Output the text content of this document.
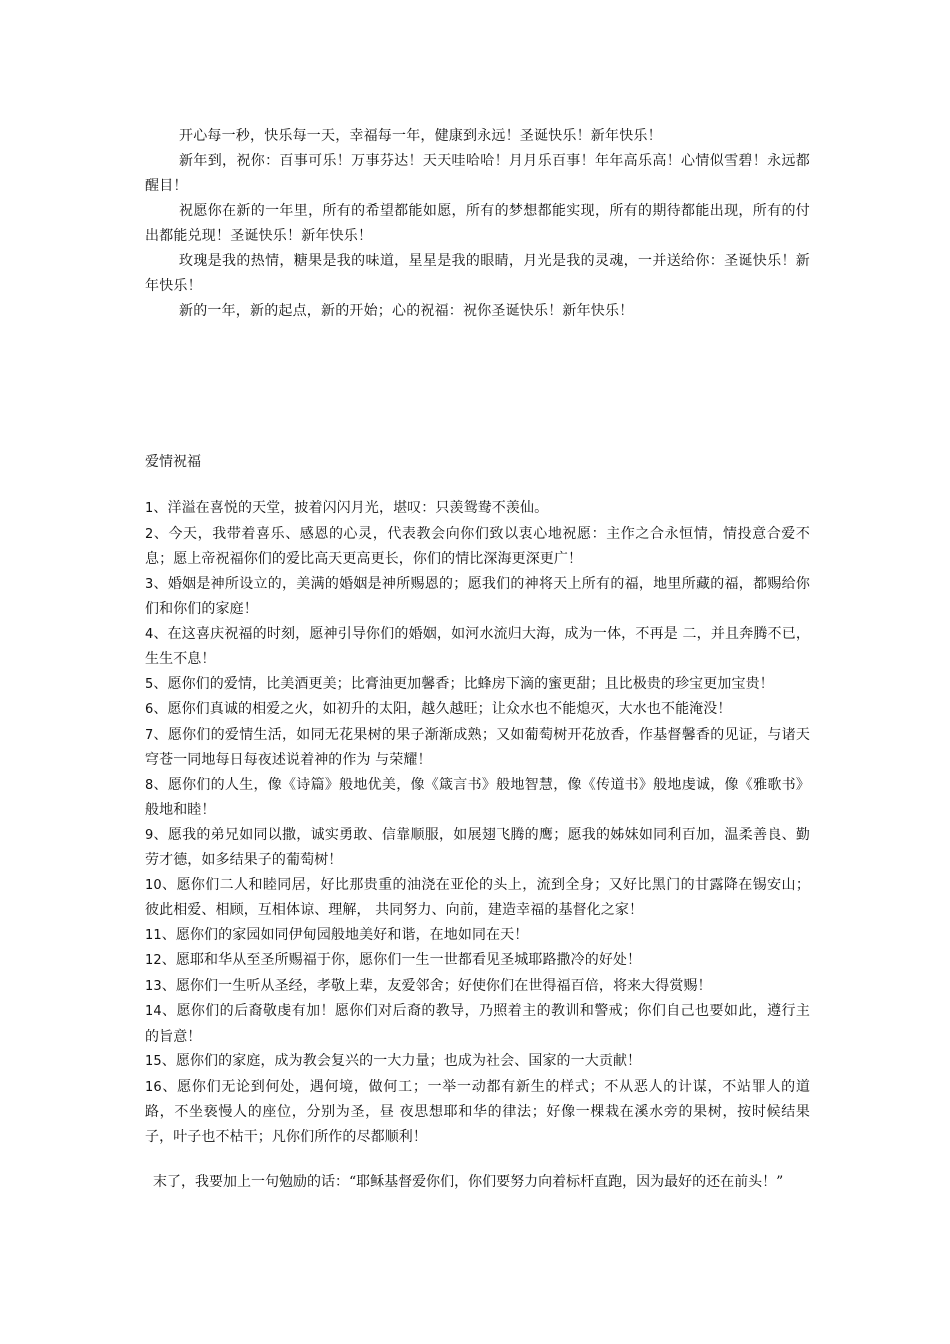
开心每一秒，快乐每一天，幸福每一年，健康到永远！圣诞快乐！新年快乐！

新年到，祝你：百事可乐！万事芬达！天天哇哈哈！月月乐百事！年年高乐高！心情似雪碧！永远都醒目！

祝愿你在新的一年里，所有的希望都能如愿，所有的梦想都能实现，所有的期待都能出现，所有的付出都能兑现！圣诞快乐！新年快乐！

玫瑰是我的热情，糖果是我的味道，星星是我的眼睛，月光是我的灵魂，一并送给你：圣诞快乐！新年快乐！

新的一年，新的起点，新的开始；心的祝福：祝你圣诞快乐！新年快乐！

爱情祝福
1、洋溢在喜悦的天堂，披着闪闪月光，堪叹：只羡鸳鸯不羡仙。
2、今天，我带着喜乐、感恩的心灵，代表教会向你们致以衷心地祝愿：主作之合永恒情，情投意合爱不息；愿上帝祝福你们的爱比高天更高更长，你们的情比深海更深更广！
3、婚姻是神所设立的，美满的婚姻是神所赐恩的；愿我们的神将天上所有的福，地里所藏的福，都赐给你们和你们的家庭！
4、在这喜庆祝福的时刻，愿神引导你们的婚姻，如河水流归大海，成为一体，不再是 二，并且奔腾不已，生生不息！
5、愿你们的爱情，比美酒更美；比膏油更加馨香；比蜂房下滴的蜜更甜；且比极贵的珍宝更加宝贵！
6、愿你们真诚的相爱之火，如初升的太阳，越久越旺；让众水也不能熄灭，大水也不能淹没！
7、愿你们的爱情生活，如同无花果树的果子渐渐成熟；又如葡萄树开花放香，作基督馨香的见证，与诸天穹苍一同地每日每夜述说着神的作为 与荣耀！
8、愿你们的人生，像《诗篇》般地优美，像《箴言书》般地智慧，像《传道书》般地虔诚，像《雅歌书》般地和睦！
9、愿我的弟兄如同以撒，诚实勇敢、信靠顺服，如展翅飞腾的鹰；愿我的姊妹如同利百加，温柔善良、勤劳才德，如多结果子的葡萄树！
10、愿你们二人和睦同居，好比那贵重的油浇在亚伦的头上，流到全身；又好比黑门的甘露降在锡安山；彼此相爱、相顾，互相体谅、理解， 共同努力、向前，建造幸福的基督化之家！
11、愿你们的家园如同伊甸园般地美好和谐，在地如同在天！
12、愿耶和华从至圣所赐福于你，愿你们一生一世都看见圣城耶路撒冷的好处！
13、愿你们一生听从圣经，孝敬上辈，友爱邻舍；好使你们在世得福百倍，将来大得赏赐！
14、愿你们的后裔敬虔有加！愿你们对后裔的教导，乃照着主的教训和警戒；你们自己也要如此，遵行主的旨意！
15、愿你们的家庭，成为教会复兴的一大力量；也成为社会、国家的一大贡献！
16、愿你们无论到何处，遇何境，做何工；一举一动都有新生的样式；不从恶人的计谋，不站罪人的道路，不坐亵慢人的座位，分别为圣，昼 夜思想耶和华的律法；好像一棵栽在溪水旁的果树，按时候结果子，叶子也不枯干；凡你们所作的尽都顺利！

末了，我要加上一句勉励的话：“耶稣基督爱你们，你们要努力向着标杆直跑，因为最好的还在前头！”
